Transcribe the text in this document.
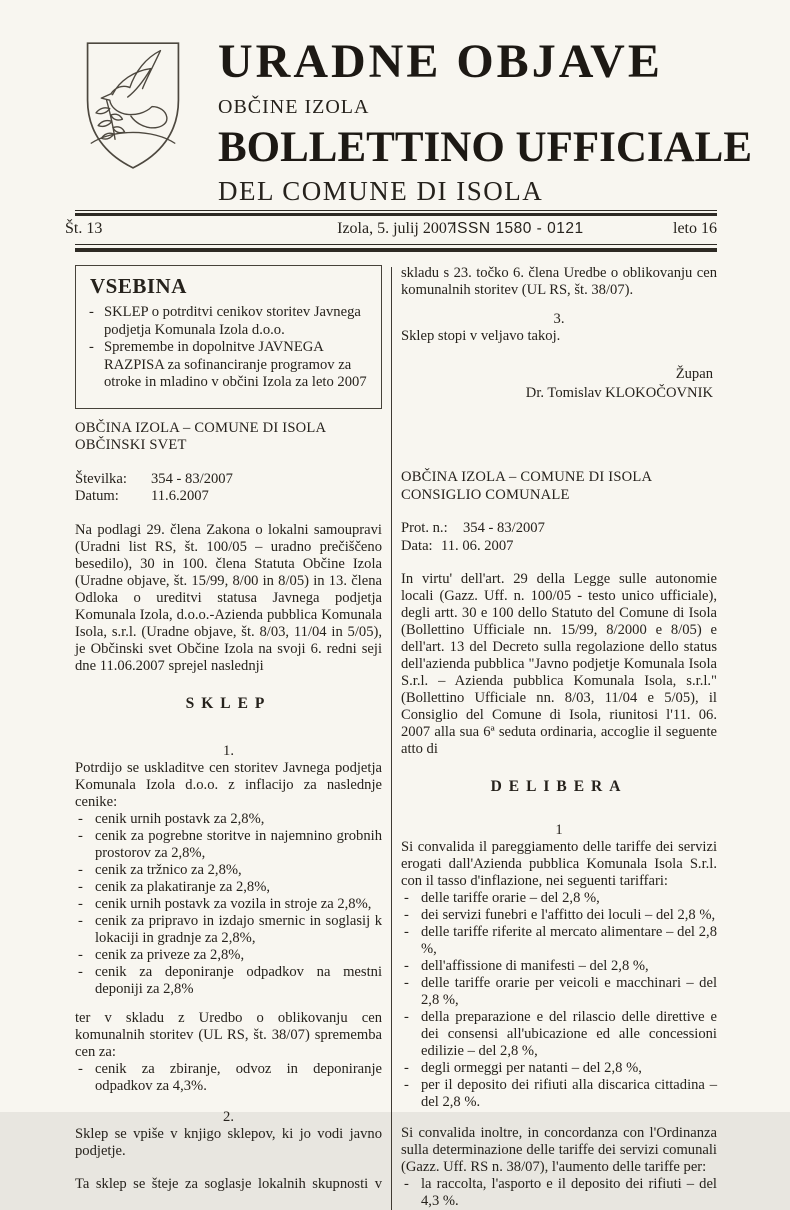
URADNE OBJAVE
OBČINE IZOLA
BOLLETTINO UFFICIALE
DEL COMUNE DI ISOLA
Št. 13	Izola, 5. julij 2007
ISSN 1580 - 0121	leto 16
VSEBINA
- SKLEP o potrditvi cenikov storitev Javnega podjetja Komunala Izola d.o.o.
- Spremembe in dopolnitve JAVNEGA RAZPISA za sofinanciranje programov za otroke in mladino v občini Izola za leto 2007
OBČINA IZOLA – COMUNE DI ISOLA
OBČINSKI SVET
Številka:	354 - 83/2007
Datum:	11.6.2007

Na podlagi 29. člena Zakona o lokalni samoupravi (Uradni list RS, št. 100/05 – uradno prečiščeno besedilo), 30 in 100. člena Statuta Občine Izola (Uradne objave, št. 15/99, 8/00 in 8/05) in 13. člena Odloka o ureditvi statusa Javnega podjetja Komunala Izola, d.o.o.-Azienda pubblica Komunala Isola, s.r.l. (Uradne objave, št. 8/03, 11/04 in 5/05), je Občinski svet Občine Izola na svoji 6. redni seji dne 11.06.2007 sprejel naslednji

SKLEP
1.

Potrdijo se uskladitve cen storitev Javnega podjetja Komunala Izola d.o.o. z inflacijo za naslednje cenike:

- cenik urnih postavk za 2,8%,
- cenik za pogrebne storitve in najemnino grobnih prostorov za 2,8%,
- cenik za tržnico za 2,8%,
- cenik za plakatiranje za 2,8%,
- cenik urnih postavk za vozila in stroje za 2,8%,
- cenik za pripravo in izdajo smernic in soglasij k lokaciji in gradnje za 2,8%,
- cenik za priveze za 2,8%,
- cenik za deponiranje odpadkov na mestni deponiji za 2,8%

ter v skladu z Uredbo o oblikovanju cen komunalnih storitev (UL RS, št. 38/07) sprememba cen za:

- cenik za zbiranje, odvoz in deponiranje odpadkov za 4,3%.
2.

Sklep se vpiše v knjigo sklepov, ki jo vodi javno podjetje.

Ta sklep se šteje za soglasje lokalnih skupnosti v

skladu s 23. točko 6. člena Uredbe o oblikovanju cen komunalnih storitev (UL RS, št. 38/07).

3.

Sklep stopi v veljavo takoj.

Župan
Dr. Tomislav KLOKOČOVNIK
OBČINA IZOLA – COMUNE DI ISOLA
CONSIGLIO COMUNALE
Prot. n.:	354 - 83/2007
Data: 11. 06. 2007

In virtu' dell'art. 29 della Legge sulle autonomie locali (Gazz. Uff. n. 100/05 - testo unico ufficiale), degli artt. 30 e 100 dello Statuto del Comune di Isola (Bollettino Ufficiale nn. 15/99, 8/2000 e 8/05) e dell'art. 13 del Decreto sulla regolazione dello status dell'azienda pubblica "Javno podjetje Komunala Isola S.r.l. – Azienda pubblica Komunala Isola, s.r.l." (Bollettino Ufficiale nn. 8/03, 11/04 e 5/05), il Consiglio del Comune di Isola, riunitosi l'11. 06. 2007 alla sua 6ª seduta ordinaria, accoglie il seguente atto di

DELIBERA
1

Si convalida il pareggiamento delle tariffe dei servizi erogati dall'Azienda pubblica Komunala Isola S.r.l. con il tasso d'inflazione, nei seguenti tariffari:

- delle tariffe orarie – del 2,8 %,
- dei servizi funebri e l'affitto dei loculi – del 2,8 %,
- delle tariffe riferite al mercato alimentare – del 2,8 %,
- dell'affissione di manifesti – del 2,8 %,
- delle tariffe orarie per veicoli e macchinari – del 2,8 %,
- della preparazione e del rilascio delle direttive e dei consensi all'ubicazione ed alle concessioni edilizie – del 2,8 %,
- degli ormeggi per natanti – del 2,8 %,
- per il deposito dei rifiuti alla discarica cittadina –del 2,8 %.

Si convalida inoltre, in concordanza con l'Ordinanza sulla determinazione delle tariffe dei servizi comunali (Gazz. Uff. RS n. 38/07), l'aumento delle tariffe per:

- la raccolta, l'asporto e il deposito dei rifiuti – del 4,3 %.
